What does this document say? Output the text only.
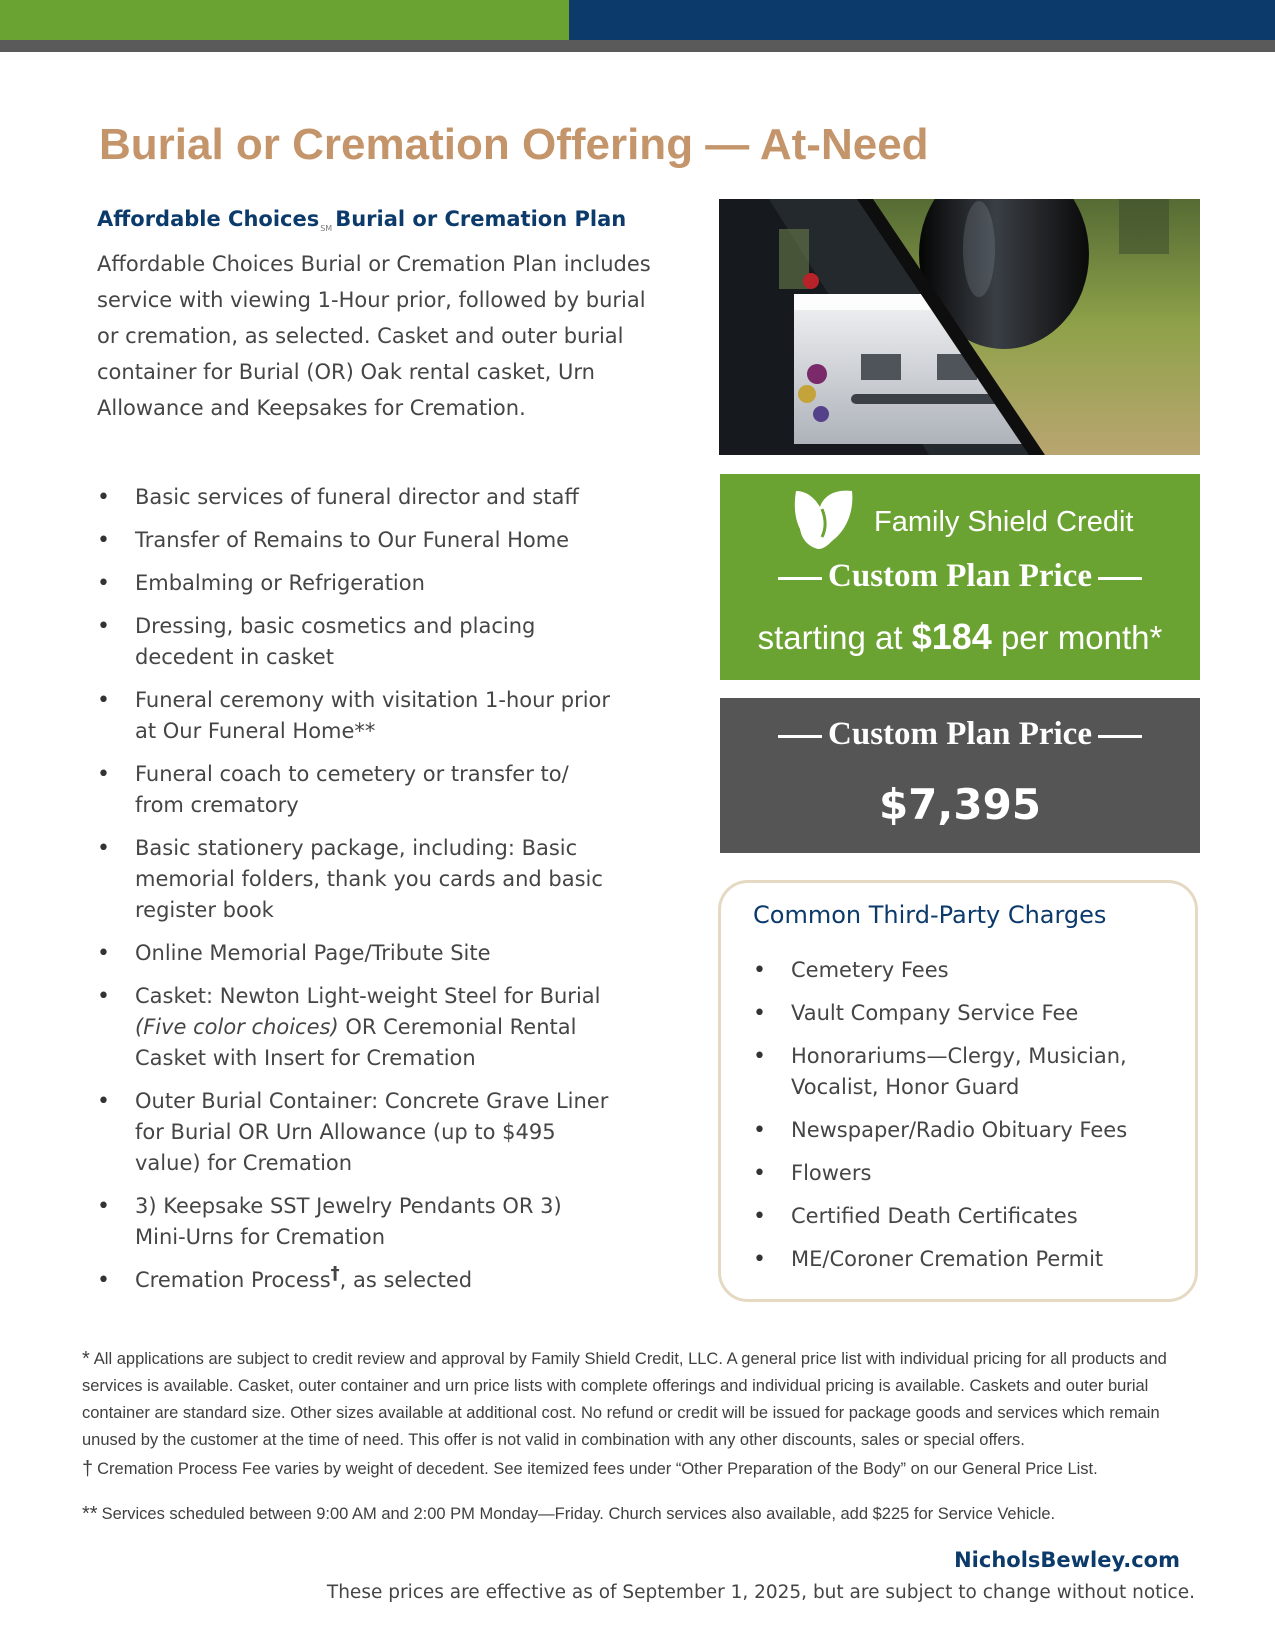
Burial or Cremation Offering — At-Need
Affordable Choices$_{SM}$ Burial or Cremation Plan

Affordable Choices Burial or Cremation Plan includes service with viewing 1-Hour prior, followed by burial or cremation, as selected. Casket and outer burial container for Burial (OR) Oak rental casket, Urn Allowance and Keepsakes for Cremation.

• Basic services of funeral director and staff
• Transfer of Remains to Our Funeral Home
• Embalming or Refrigeration
• Dressing, basic cosmetics and placing decedent in casket
• Funeral ceremony with visitation 1-hour prior at Our Funeral Home**
• Funeral coach to cemetery or transfer to/ from crematory
• Basic stationery package, including: Basic memorial folders, thank you cards and basic register book
• Online Memorial Page/Tribute Site
• Casket: Newton Light-weight Steel for Burial (Five color choices) OR Ceremonial Rental Casket with Insert for Cremation
• Outer Burial Container: Concrete Grave Liner for Burial OR Urn Allowance (up to $495 value) for Cremation
• 3) Keepsake SST Jewelry Pendants OR 3) Mini-Urns for Cremation
• Cremation Process†, as selected
Family Shield Credit
Custom Plan Price
starting at $184 per month*
Custom Plan Price
$7,395
Common Third-Party Charges
• Cemetery Fees
• Vault Company Service Fee
• Honorariums—Clergy, Musician, Vocalist, Honor Guard
• Newspaper/Radio Obituary Fees
• Flowers
• Certified Death Certificates
• ME/Coroner Cremation Permit

* All applications are subject to credit review and approval by Family Shield Credit, LLC. A general price list with individual pricing for all products and services is available. Casket, outer container and urn price lists with complete offerings and individual pricing is available. Caskets and outer burial container are standard size. Other sizes available at additional cost. No refund or credit will be issued for package goods and services which remain unused by the customer at the time of need. This offer is not valid in combination with any other discounts, sales or special offers.

† Cremation Process Fee varies by weight of decedent. See itemized fees under “Other Preparation of the Body” on our General Price List.

** Services scheduled between 9:00 AM and 2:00 PM Monday—Friday. Church services also available, add $225 for Service Vehicle.

NicholsBewley.com

These prices are effective as of September 1, 2025, but are subject to change without notice.
